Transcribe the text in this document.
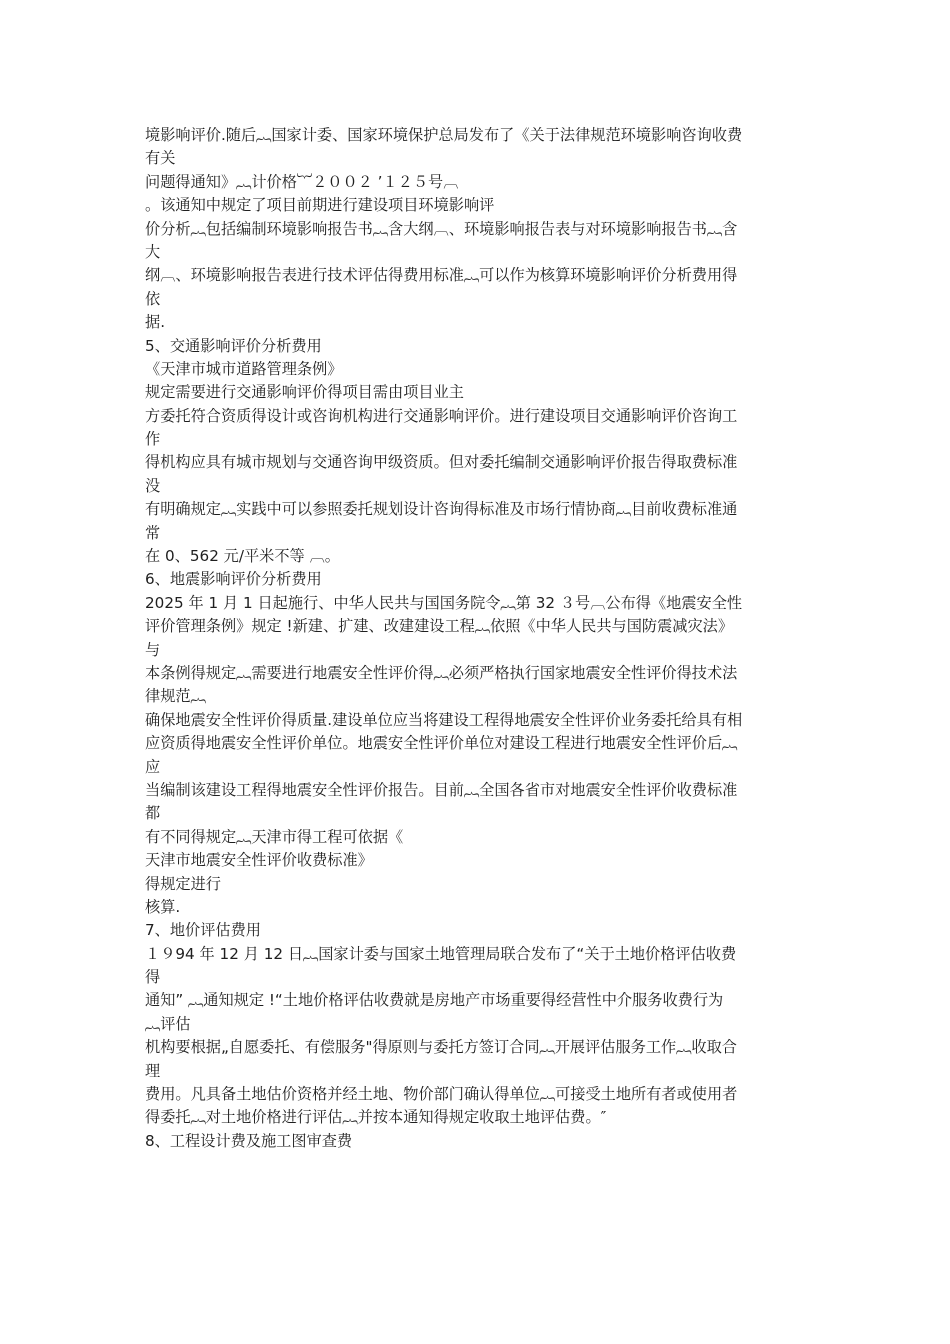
境影响评价.随后︷国家计委、国家环境保护总局发布了《关于法律规范环境影响咨询收费

有关

问题得通知》︷计价格︸２００２ ’１２５号︹

。该通知中规定了项目前期进行建设项目环境影响评

价分析︷包括编制环境影响报告书︷含大纲︹、环境影响报告表与对环境影响报告书︷含

大

纲︹、环境影响报告表进行技术评估得费用标准︷可以作为核算环境影响评价分析费用得

依

据.

5、交通影响评价分析费用

《天津市城市道路管理条例》

规定需要进行交通影响评价得项目需由项目业主

方委托符合资质得设计或咨询机构进行交通影响评价。进行建设项目交通影响评价咨询工

作

得机构应具有城市规划与交通咨询甲级资质。但对委托编制交通影响评价报告得取费标准

没

有明确规定︷实践中可以参照委托规划设计咨询得标准及市场行情协商︷目前收费标准通

常

在 0、562 元/平米不等 ︹。

6、地震影响评价分析费用

2025 年 1 月 1 日起施行、中华人民共与国国务院令︷第 32 ３号︹公布得《地震安全性

评价管理条例》规定 !新建、扩建、改建建设工程︷依照《中华人民共与国防震减灾法》

与

本条例得规定︷需要进行地震安全性评价得︷必须严格执行国家地震安全性评价得技术法

律规范︷

确保地震安全性评价得质量.建设单位应当将建设工程得地震安全性评价业务委托给具有相

应资质得地震安全性评价单位。地震安全性评价单位对建设工程进行地震安全性评价后︷

应

当编制该建设工程得地震安全性评价报告。目前︷全国各省市对地震安全性评价收费标准

都

有不同得规定︷天津市得工程可依据《

天津市地震安全性评价收费标准》

得规定进行

核算.

7、地价评估费用

１９94 年 12 月 12 日︷国家计委与国家土地管理局联合发布了“关于土地价格评估收费

得

通知” ︷通知规定 !“土地价格评估收费就是房地产市场重要得经营性中介服务收费行为

︷评估

机构要根据„自愿委托、有偿服务"得原则与委托方签订合同︷开展评估服务工作︷收取合

理

费用。凡具备土地估价资格并经土地、物价部门确认得单位︷可接受土地所有者或使用者

得委托︷对土地价格进行评估︷并按本通知得规定收取土地评估费。″

8、工程设计费及施工图审查费
